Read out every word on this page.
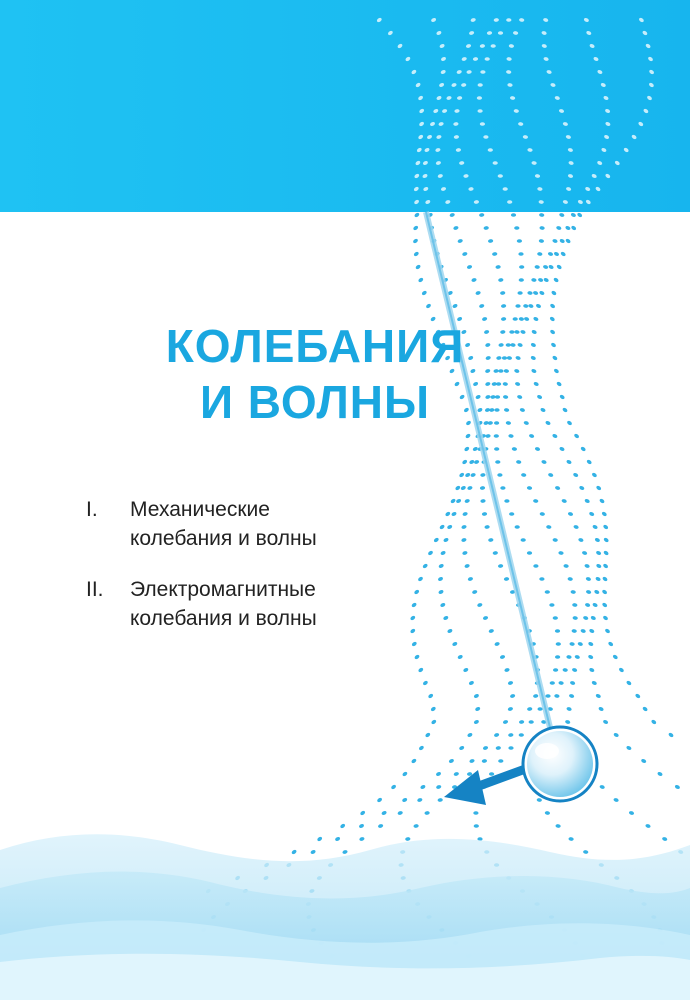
КОЛЕБАНИЯ
И ВОЛНЫ
I.	Механические
колебания и волны
II.	Электромагнитные
колебания и волны
